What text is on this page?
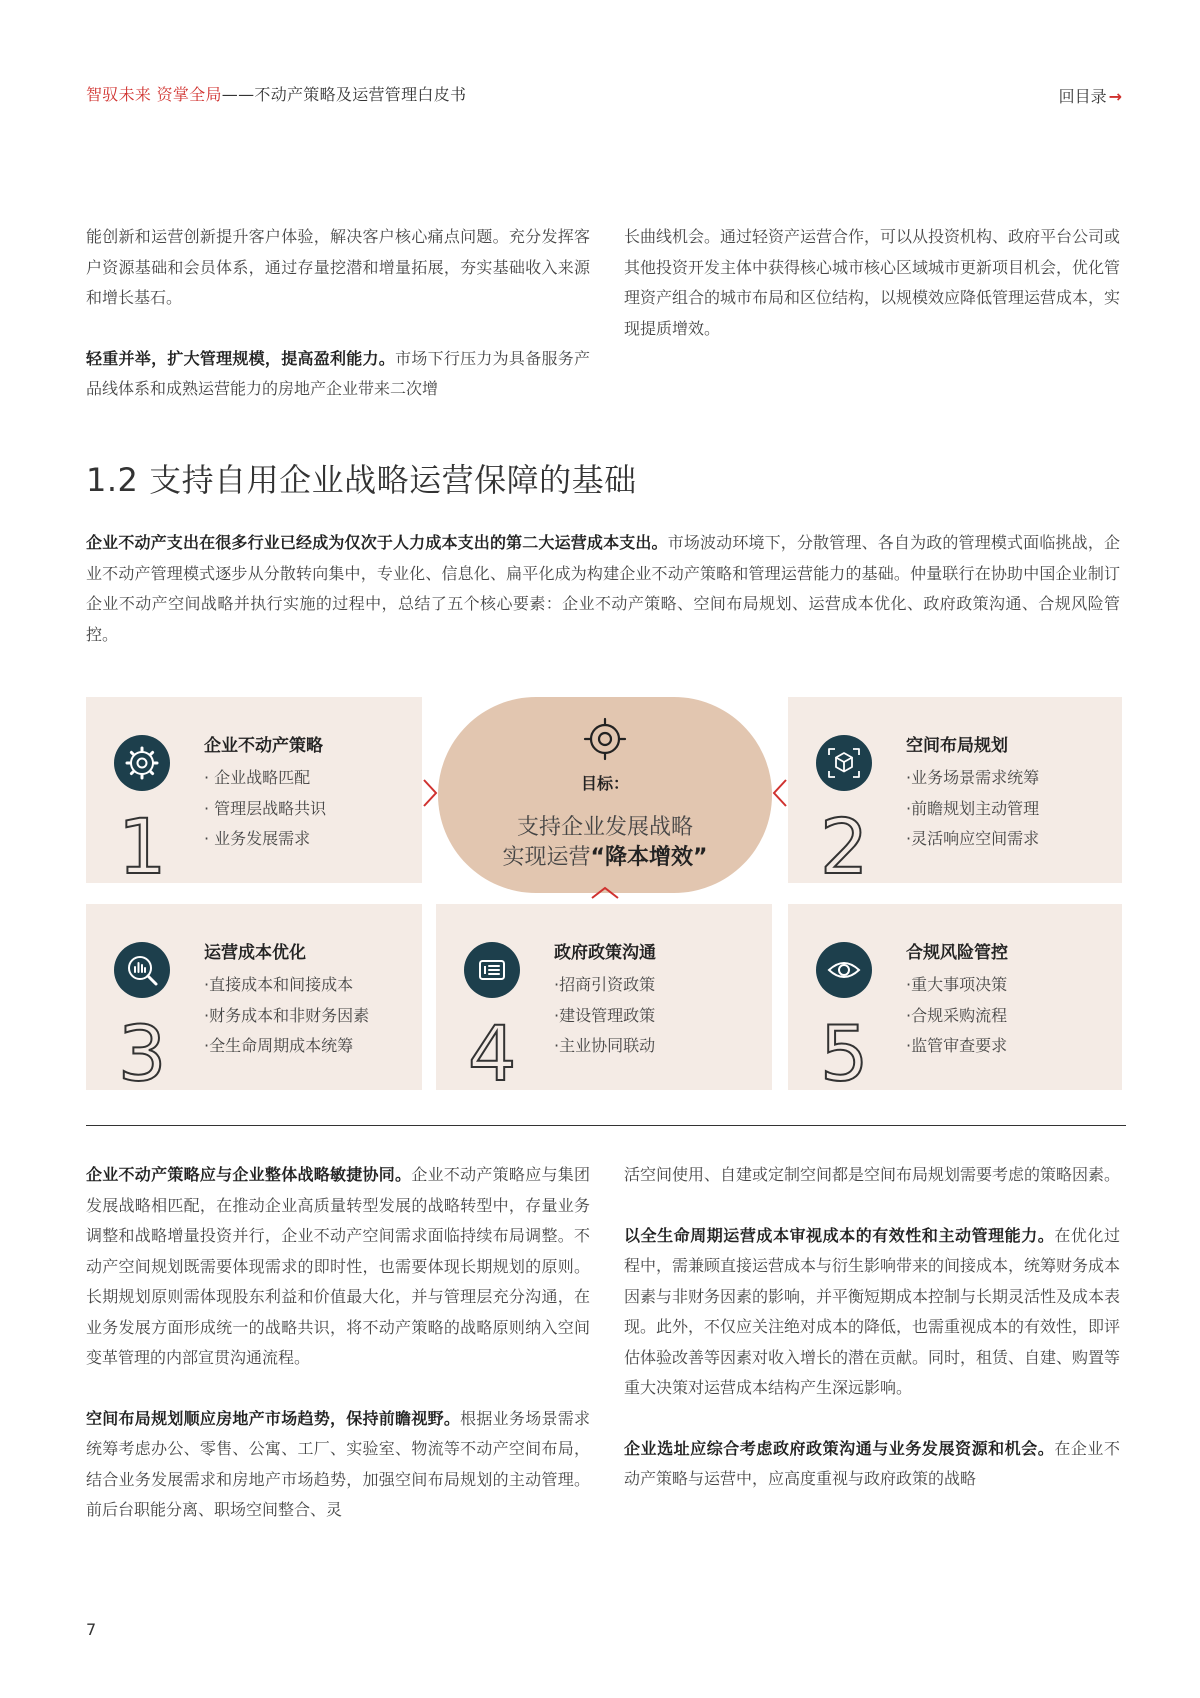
智驭未来 资掌全局——不动产策略及运营管理白皮书	回目录 →

能创新和运营创新提升客户体验，解决客户核心痛点问题。充分发挥客户资源基础和会员体系，通过存量挖潜和增量拓展，夯实基础收入来源和增长基石。

轻重并举，扩大管理规模，提高盈利能力。市场下行压力为具备服务产品线体系和成熟运营能力的房地产企业带来二次增

长曲线机会。通过轻资产运营合作，可以从投资机构、政府平台公司或其他投资开发主体中获得核心城市核心区域城市更新项目机会，优化管理资产组合的城市布局和区位结构，以规模效应降低管理运营成本，实现提质增效。

1.2 支持自用企业战略运营保障的基础
企业不动产支出在很多行业已经成为仅次于人力成本支出的第二大运营成本支出。市场波动环境下，分散管理、各自为政的管理模式面临挑战，企业不动产管理模式逐步从分散转向集中，专业化、信息化、扁平化成为构建企业不动产策略和管理运营能力的基础。仲量联行在协助中国企业制订企业不动产空间战略并执行实施的过程中，总结了五个核心要素：企业不动产策略、空间布局规划、运营成本优化、政府政策沟通、合规风险管控。
1
企业不动产策略
· 企业战略匹配
· 管理层战略共识
· 业务发展需求	2
空间布局规划
·业务场景需求统筹
·前瞻规划主动管理
·灵活响应空间需求
目标：
支持企业发展战略
实现运营“降本增效”
3
运营成本优化
·直接成本和间接成本
·财务成本和非财务因素
·全生命周期成本统筹 4
政府政策沟通
·招商引资政策
·建设管理政策
·主业协同联动 5
合规风险管控
·重大事项决策
·合规采购流程
·监管审查要求

企业不动产策略应与企业整体战略敏捷协同。企业不动产策略应与集团发展战略相匹配，在推动企业高质量转型发展的战略转型中，存量业务调整和战略增量投资并行，企业不动产空间需求面临持续布局调整。不动产空间规划既需要体现需求的即时性，也需要体现长期规划的原则。长期规划原则需体现股东利益和价值最大化，并与管理层充分沟通，在业务发展方面形成统一的战略共识，将不动产策略的战略原则纳入空间变革管理的内部宣贯沟通流程。

空间布局规划顺应房地产市场趋势，保持前瞻视野。根据业务场景需求统筹考虑办公、零售、公寓、工厂、实验室、物流等不动产空间布局，结合业务发展需求和房地产市场趋势，加强空间布局规划的主动管理。前后台职能分离、职场空间整合、灵

活空间使用、自建或定制空间都是空间布局规划需要考虑的策略因素。

以全生命周期运营成本审视成本的有效性和主动管理能力。在优化过程中，需兼顾直接运营成本与衍生影响带来的间接成本，统筹财务成本因素与非财务因素的影响，并平衡短期成本控制与长期灵活性及成本表现。此外，不仅应关注绝对成本的降低，也需重视成本的有效性，即评估体验改善等因素对收入增长的潜在贡献。同时，租赁、自建、购置等重大决策对运营成本结构产生深远影响。

企业选址应综合考虑政府政策沟通与业务发展资源和机会。在企业不动产策略与运营中，应高度重视与政府政策的战略

7
